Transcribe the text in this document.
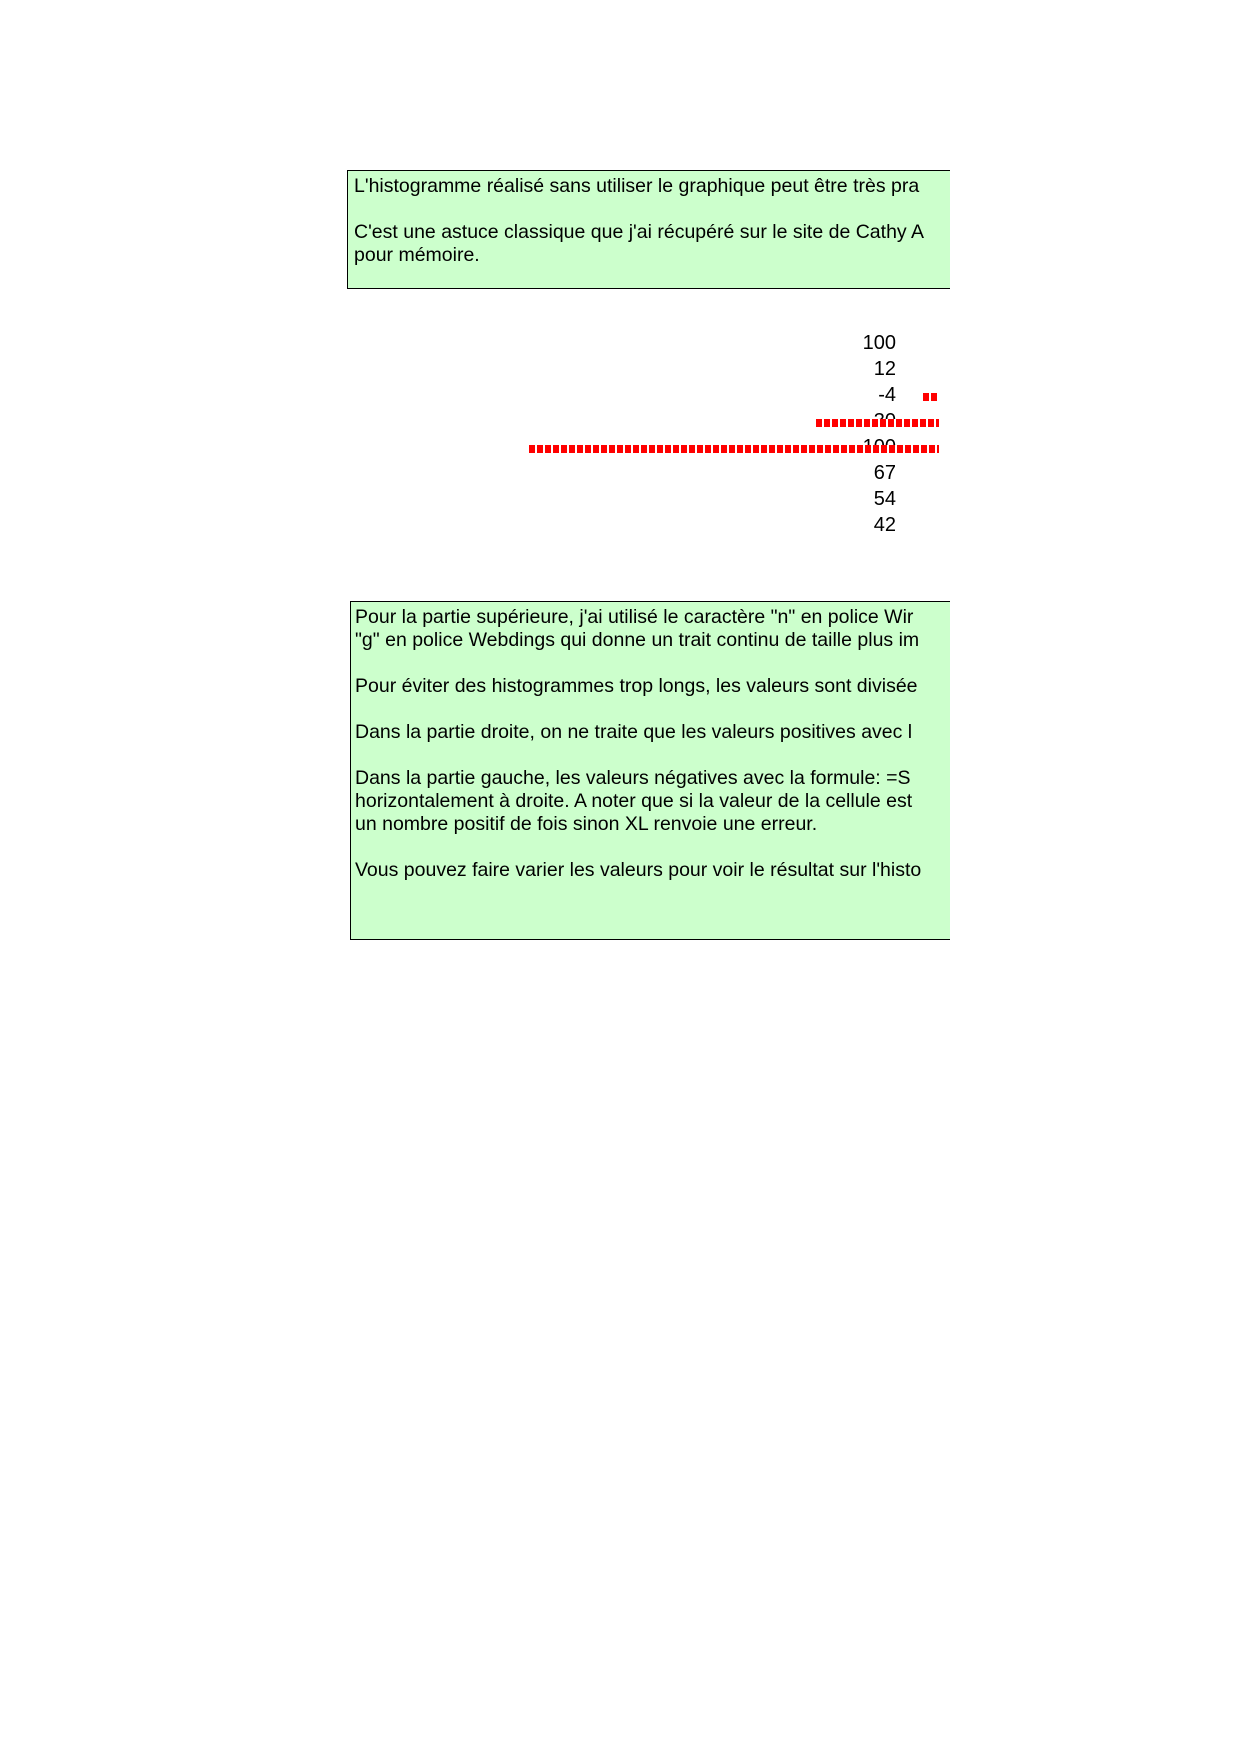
L'histogramme réalisé sans utiliser le graphique peut être très pra
C'est une astuce classique que j'ai récupéré sur le site de Cathy A
pour mémoire.
100
12
-4
67
54
42
Pour la partie supérieure, j'ai utilisé le caractère "n" en police Wir
"g" en police Webdings qui donne un trait continu de taille plus im
Pour éviter des histogrammes trop longs, les valeurs sont divisée
Dans la partie droite, on ne traite que les valeurs positives avec l
Dans la partie gauche, les valeurs négatives avec la formule: =S
horizontalement à droite. A noter que si la valeur de la cellule est
un nombre positif de fois sinon XL renvoie une erreur.
Vous pouvez faire varier les valeurs pour voir le résultat sur l'histo
